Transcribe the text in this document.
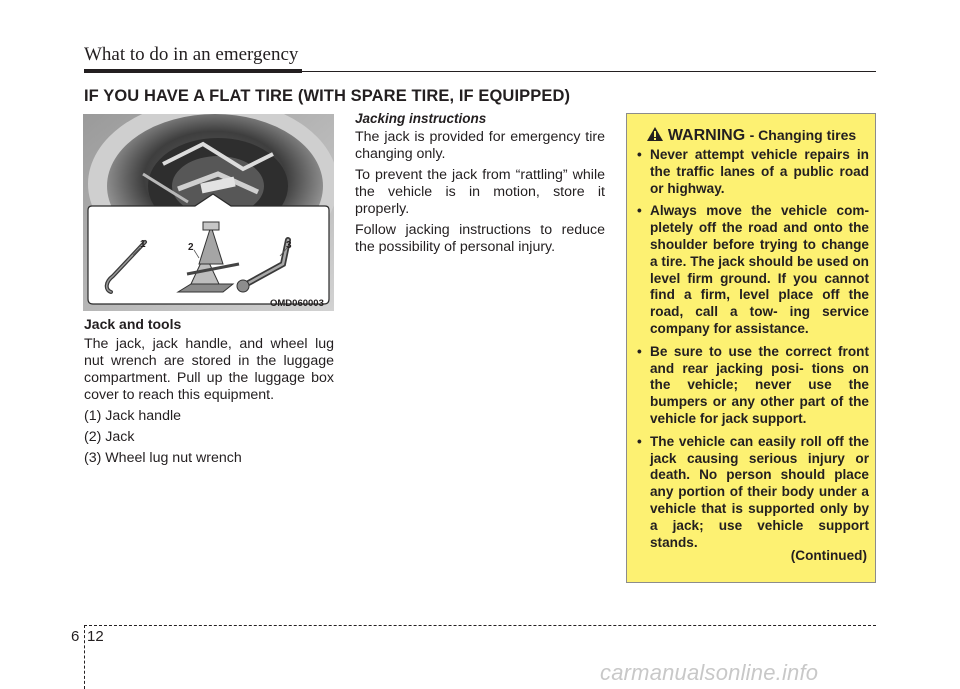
What to do in an emergency
IF YOU HAVE A FLAT TIRE (WITH SPARE TIRE, IF EQUIPPED)
1	2	3
OMD060003
Jack and tools

The jack, jack handle, and wheel lug nut wrench are stored in the luggage compartment. Pull up the luggage box cover to reach this equipment.

(1) Jack handle
(2) Jack
(3) Wheel lug nut wrench
Jacking instructions

The jack is provided for emergency tire changing only.

To prevent the jack from “rattling” while the vehicle is in motion, store it properly.

Follow jacking instructions to reduce the possibility of personal injury.

WARNING - Changing tires
• Never attempt vehicle repairs in the traffic lanes of a public road or highway.
• Always move the vehicle com- pletely off the road and onto the shoulder before trying to change a tire. The jack should be used on level firm ground. If you cannot find a firm, level place off the road, call a tow- ing service company for assistance.
• Be sure to use the correct front and rear jacking posi- tions on the vehicle; never use the bumpers or any other part of the vehicle for jack support.
• The vehicle can easily roll off the jack causing serious injury or death. No person should place any portion of their body under a vehicle that is supported only by a jack; use vehicle support stands.
(Continued)
6 12
carmanualsonline.info
